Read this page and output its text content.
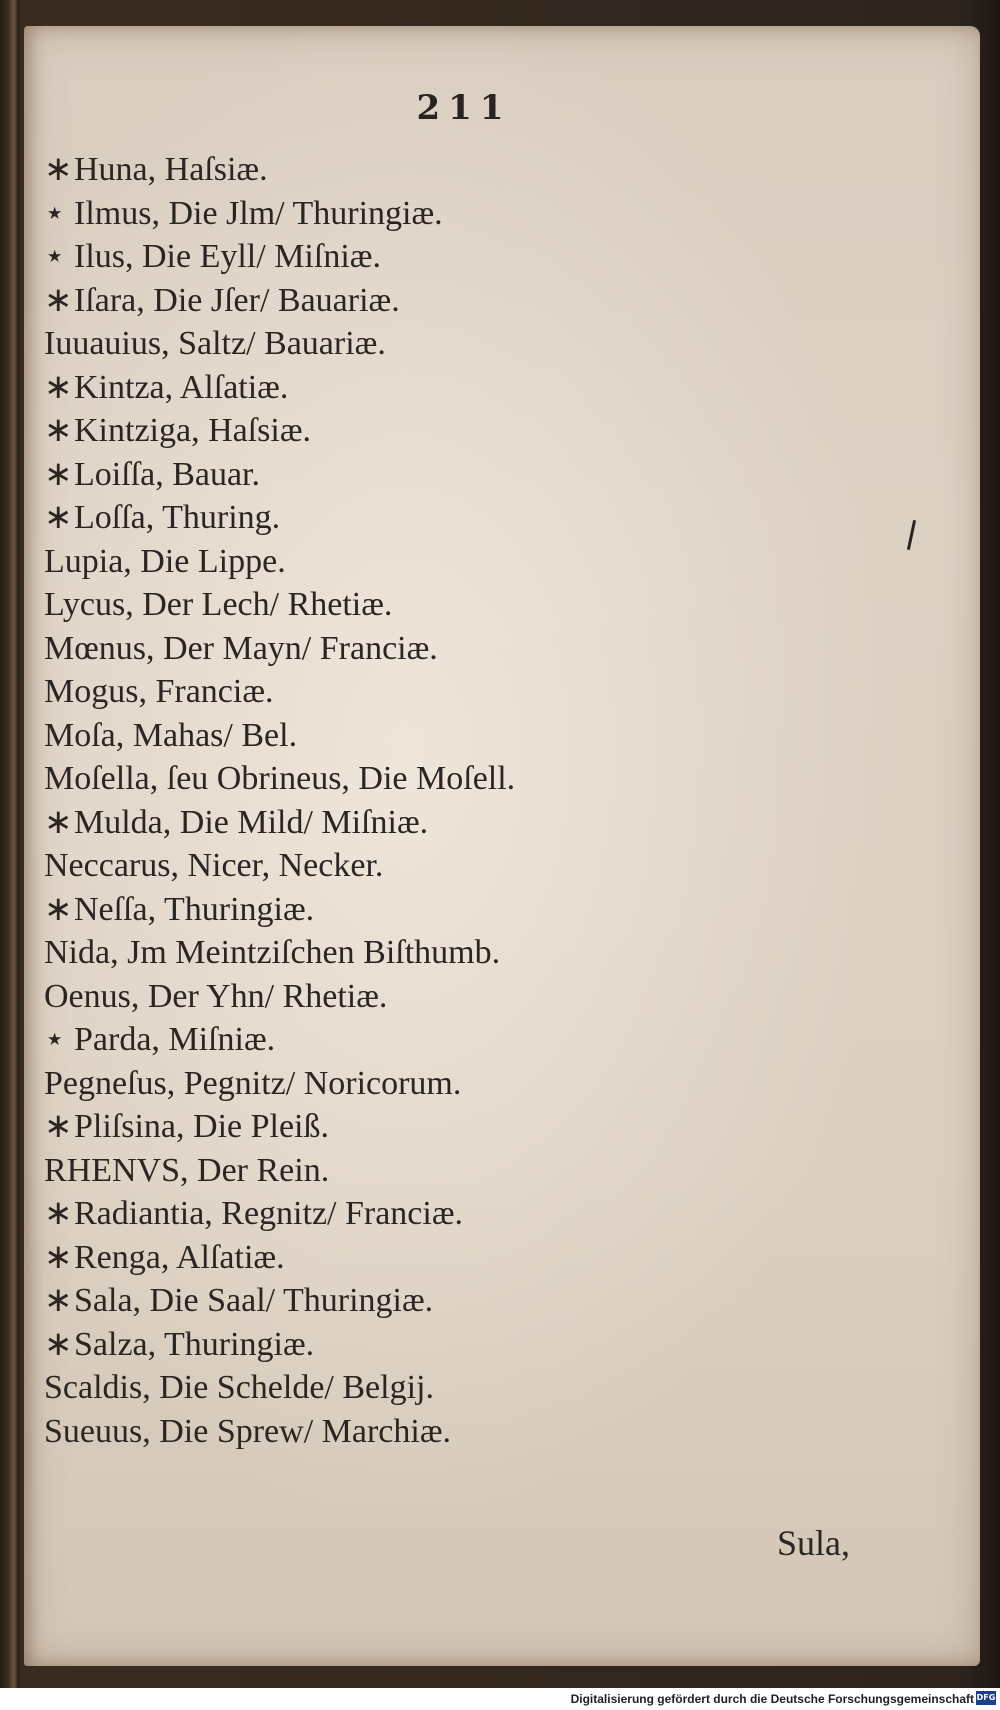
211
∗Huna, Haſsiæ.
⋆ Ilmus, Die Jlm/ Thuringiæ.
⋆ Ilus, Die Eyll/ Miſniæ.
∗Iſara, Die Jſer/ Bauariæ.
Iuuauius, Saltz/ Bauariæ.
∗Kintza, Alſatiæ.
∗Kintziga, Haſsiæ.
∗Loiſſa, Bauar.
∗Loſſa, Thuring.
Lupia, Die Lippe.
Lycus, Der Lech/ Rhetiæ.
Mœnus, Der Mayn/ Franciæ.
Mogus, Franciæ.
Moſa, Mahas/ Bel.
Moſella, ſeu Obrineus, Die Moſell.
∗Mulda, Die Mild/ Miſniæ.
Neccarus, Nicer, Necker.
∗Neſſa, Thuringiæ.
Nida, Jm Meintziſchen Biſthumb.
Oenus, Der Yhn/ Rhetiæ.
⋆ Parda, Miſniæ.
Pegneſus, Pegnitz/ Noricorum.
∗Pliſsina, Die Pleiß.
RHENVS, Der Rein.
∗Radiantia, Regnitz/ Franciæ.
∗Renga, Alſatiæ.
∗Sala, Die Saal/ Thuringiæ.
∗Salza, Thuringiæ.
Scaldis, Die Schelde/ Belgij.
Sueuus, Die Sprew/ Marchiæ.
Sula,
Digitalisierung gefördert durch die Deutsche Forschungsgemeinschaft DFG
